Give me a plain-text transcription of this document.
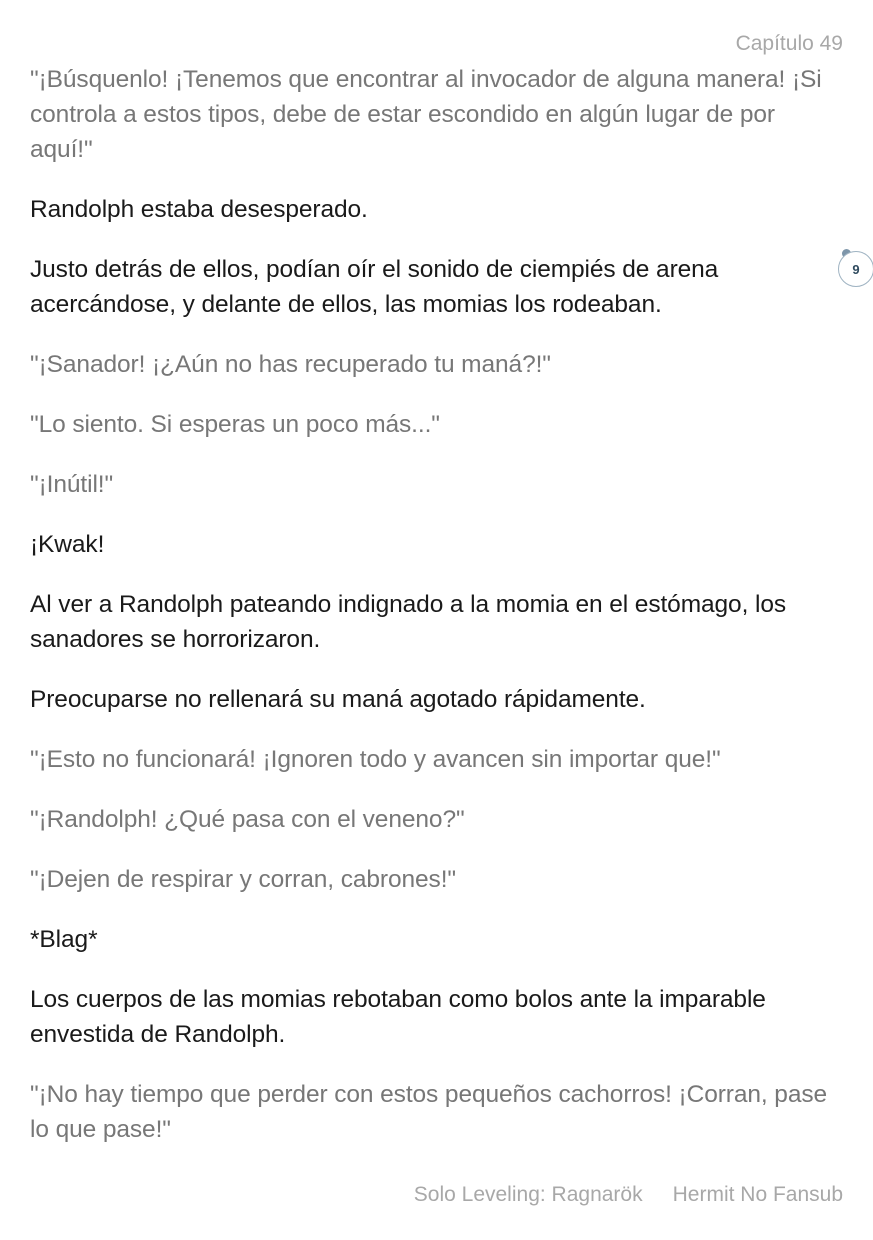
Capítulo 49

"¡Búsquenlo! ¡Tenemos que encontrar al invocador de alguna manera! ¡Si controla a estos tipos, debe de estar escondido en algún lugar de por aquí!"

Randolph estaba desesperado.

Justo detrás de ellos, podían oír el sonido de ciempiés de arena acercándose, y delante de ellos, las momias los rodeaban.

"¡Sanador! ¡¿Aún no has recuperado tu maná?!"

"Lo siento. Si esperas un poco más..."

"¡Inútil!"

¡Kwak!

Al ver a Randolph pateando indignado a la momia en el estómago, los sanadores se horrorizaron.

Preocuparse no rellenará su maná agotado rápidamente.

"¡Esto no funcionará! ¡Ignoren todo y avancen sin importar que!"

"¡Randolph! ¿Qué pasa con el veneno?"

"¡Dejen de respirar y corran, cabrones!"

*Blag*

Los cuerpos de las momias rebotaban como bolos ante la imparable envestida de Randolph.

"¡No hay tiempo que perder con estos pequeños cachorros! ¡Corran, pase lo que pase!"

9
Solo Leveling: Ragnarök Hermit No Fansub
